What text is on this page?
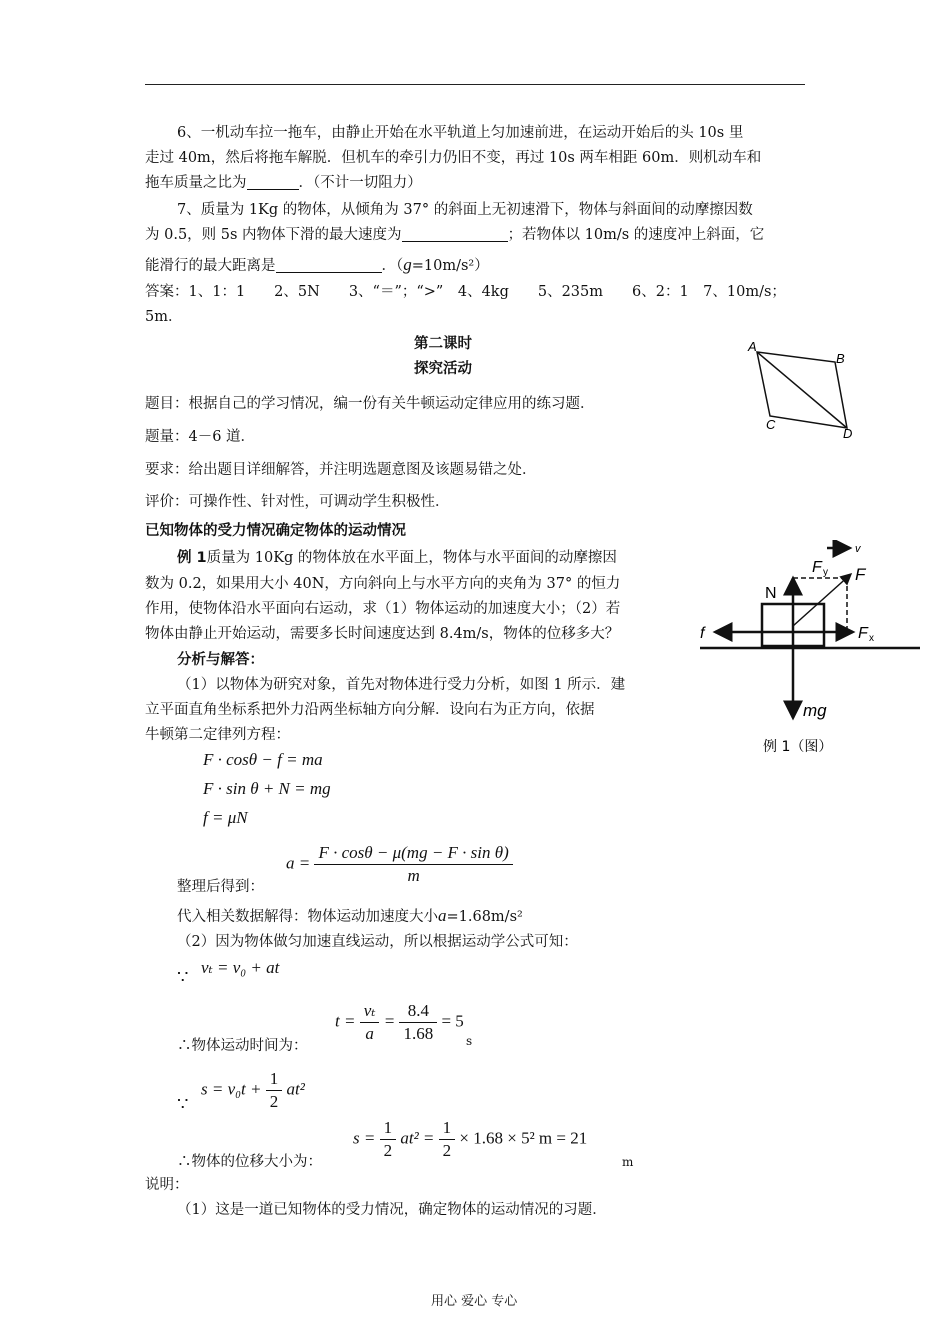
6、一机动车拉一拖车，由静止开始在水平轨道上匀加速前进，在运动开始后的头 10s 里
走过 40m，然后将拖车解脱．但机车的牵引力仍旧不变，再过 10s 两车相距 60m．则机动车和
拖车质量之比为	．（不计一切阻力）
7、质量为 1Kg 的物体，从倾角为 37° 的斜面上无初速滑下，物体与斜面间的动摩擦因数
为 0.5，则 5s 内物体下滑的最大速度为	；若物体以 10m/s 的速度冲上斜面，它
能滑行的最大距离是	．（g=10m/s²）
答案：1、1：1　　2、5N　　3、“＝”；“>”　4、4kg　　5、235m　　6、2：1　7、10m/s；
5m．
第二课时
探究活动
题目：根据自己的学习情况，编一份有关牛顿运动定律应用的练习题．
题量：4－6 道．
要求：给出题目详细解答，并注明选题意图及该题易错之处．
评价：可操作性、针对性，可调动学生积极性．
已知物体的受力情况确定物体的运动情况
A
B
C
D
例 1质量为 10Kg 的物体放在水平面上，物体与水平面间的动摩擦因
数为 0.2，如果用大小 40N，方向斜向上与水平方向的夹角为 37° 的恒力
作用，使物体沿水平面向右运动，求（1）物体运动的加速度大小；（2）若
物体由静止开始运动，需要多长时间速度达到 8.4m/s，物体的位移多大？
分析与解答：
（1）以物体为研究对象，首先对物体进行受力分析，如图 1 所示．建
立平面直角坐标系把外力沿两坐标轴方向分解．设向右为正方向，依据
牛顿第二定律列方程：
F · cosθ − f = ma
F · sin θ + N = mg
f = μN
$a = \frac{\text{F · cosθ − μ(mg − F · sin θ)}}{m}$
整理后得到：
代入相关数据解得：物体运动加速度大小a=1.68m/s²
（2）因为物体做匀加速直线运动，所以根据运动学公式可知：
∵ vₜ = v₀ + at
∴物体运动时间为：
$t = \frac{\text{vₜ}}{a} = \frac{8.4}{1.68} = 5$
s
$s = v_0t + \frac{1}{2} at^2$
∵
∴物体的位移大小为：
$s = \frac{1}{2} at^2 = \frac{1}{2} \times 1.68 \times 5^2$ m = 21
m
说明：
（1）这是一道已知物体的受力情况，确定物体的运动情况的习题．
v
N
F y F
F x
f
mg
例 1（图）
用心 爱心 专心
